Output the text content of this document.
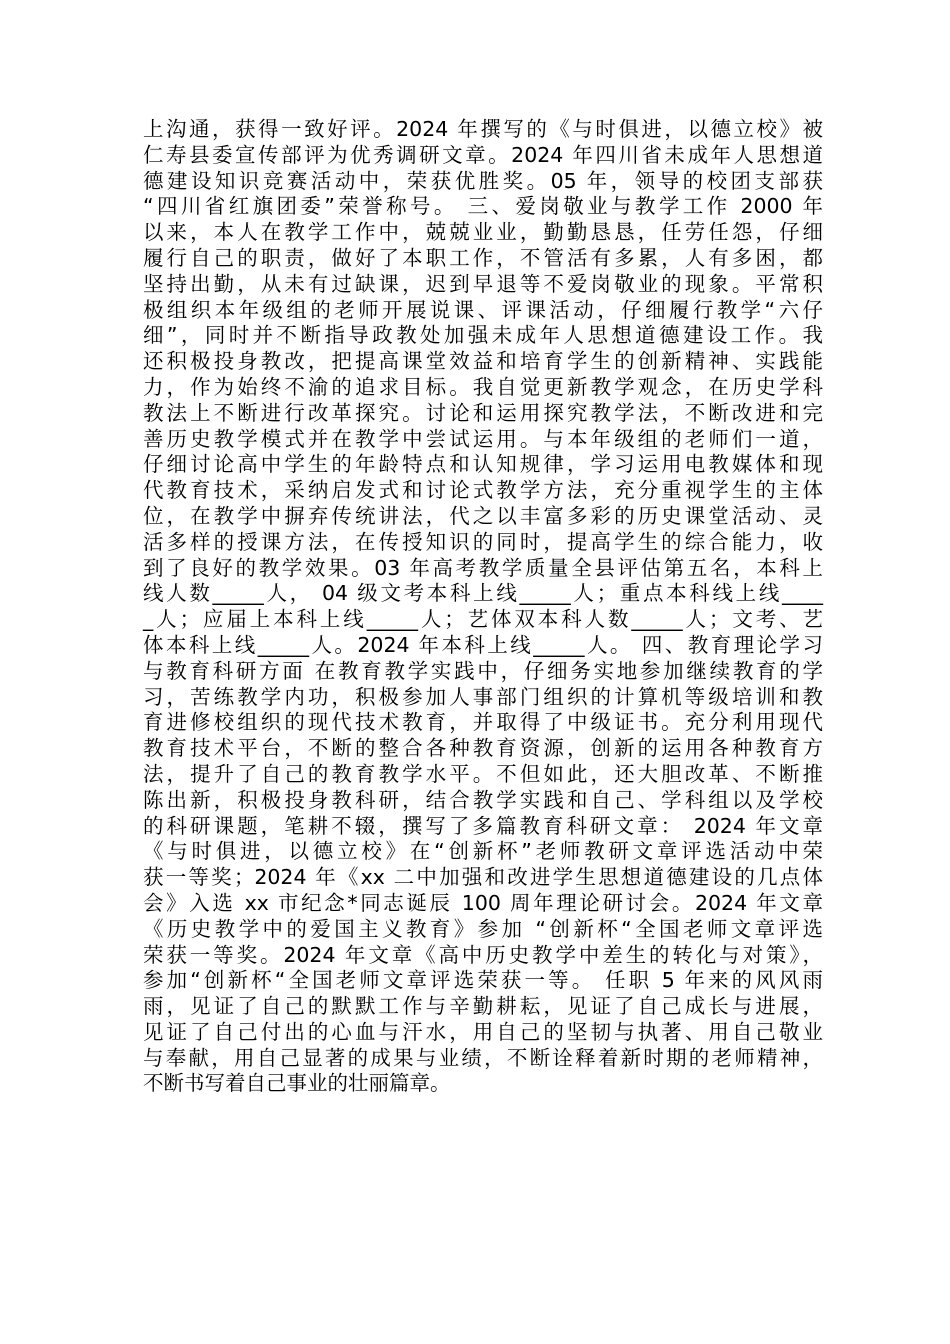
上沟通，获得一致好评。2024 年撰写的《与时俱进，以德立校》被
仁寿县委宣传部评为优秀调研文章。2024 年四川省未成年人思想道
德建设知识竞赛活动中，荣获优胜奖。05 年，领导的校团支部获
“四川省红旗团委”荣誉称号。 三、爱岗敬业与教学工作 2000 年
以来，本人在教学工作中，兢兢业业，勤勤恳恳，任劳任怨，仔细
履行自己的职责，做好了本职工作，不管活有多累，人有多困，都
坚持出勤，从未有过缺课，迟到早退等不爱岗敬业的现象。平常积
极组织本年级组的老师开展说课、评课活动，仔细履行教学“六仔
细”，同时并不断指导政教处加强未成年人思想道德建设工作。我
还积极投身教改，把提高课堂效益和培育学生的创新精神、实践能
力，作为始终不渝的追求目标。我自觉更新教学观念，在历史学科
教法上不断进行改革探究。讨论和运用探究教学法，不断改进和完
善历史教学模式并在教学中尝试运用。与本年级组的老师们一道，
仔细讨论高中学生的年龄特点和认知规律，学习运用电教媒体和现
代教育技术，采纳启发式和讨论式教学方法，充分重视学生的主体
位，在教学中摒弃传统讲法，代之以丰富多彩的历史课堂活动、灵
活多样的授课方法，在传授知识的同时，提高学生的综合能力，收
到了良好的教学效果。03 年高考教学质量全县评估第五名，本科上
线人数_____人， 04 级文考本科上线_____人；重点本科线上线____
_人；应届上本科上线_____人；艺体双本科人数_____人；文考、艺
体本科上线_____人。2024 年本科上线_____人。 四、教育理论学习
与教育科研方面 在教育教学实践中，仔细务实地参加继续教育的学
习，苦练教学内功，积极参加人事部门组织的计算机等级培训和教
育进修校组织的现代技术教育，并取得了中级证书。充分利用现代
教育技术平台，不断的整合各种教育资源，创新的运用各种教育方
法，提升了自己的教育教学水平。不但如此，还大胆改革、不断推
陈出新，积极投身教科研，结合教学实践和自己、学科组以及学校
的科研课题，笔耕不辍，撰写了多篇教育科研文章： 2024 年文章
《与时俱进，以德立校》在“创新杯”老师教研文章评选活动中荣
获一等奖；2024 年《xx 二中加强和改进学生思想道德建设的几点体
会》入选 xx 市纪念*同志诞辰 100 周年理论研讨会。2024 年文章
《历史教学中的爱国主义教育》参加 “创新杯“全国老师文章评选
荣获一等奖。2024 年文章《高中历史教学中差生的转化与对策》，
参加“创新杯“全国老师文章评选荣获一等。 任职 5 年来的风风雨
雨，见证了自己的默默工作与辛勤耕耘，见证了自己成长与进展，
见证了自己付出的心血与汗水，用自己的坚韧与执著、用自己敬业
与奉献，用自己显著的成果与业绩，不断诠释着新时期的老师精神，
不断书写着自己事业的壮丽篇章。
